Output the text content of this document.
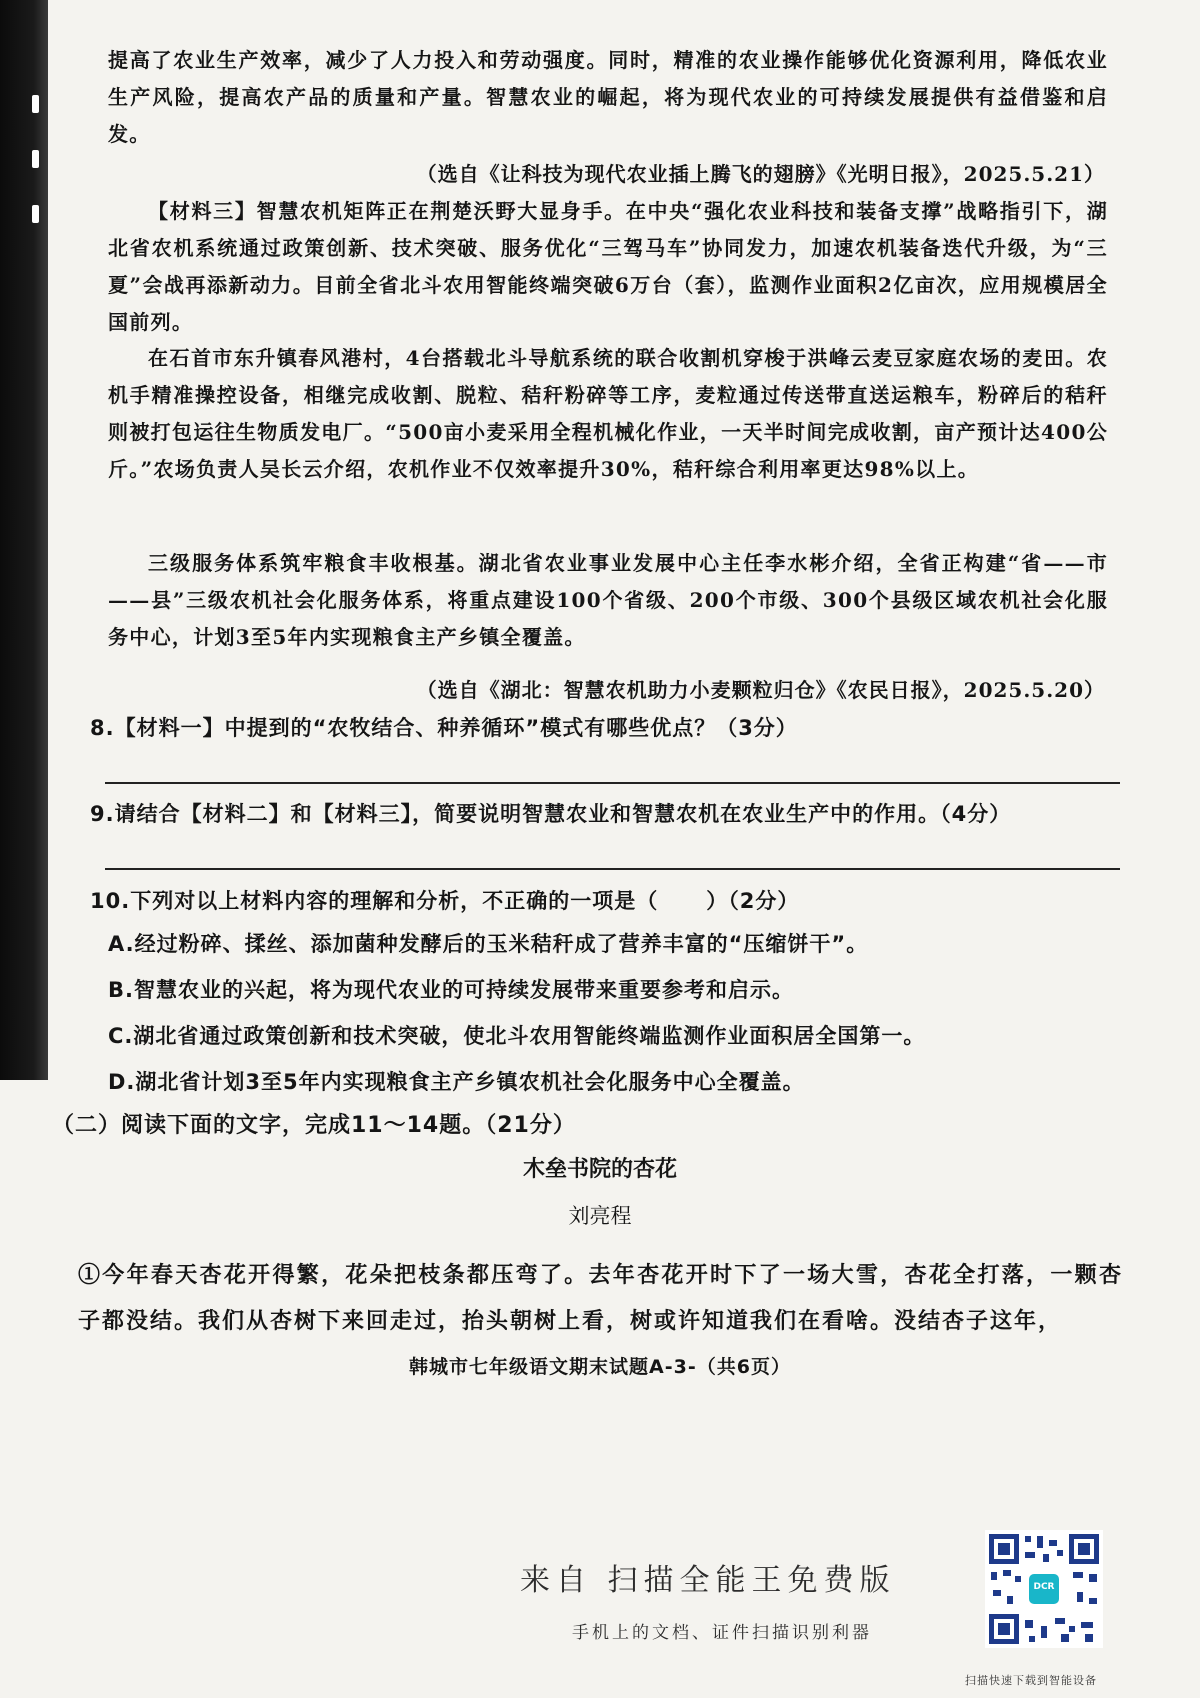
提高了农业生产效率，减少了人力投入和劳动强度。同时，精准的农业操作能够优化资源利用，降低农业生产风险，提高农产品的质量和产量。智慧农业的崛起，将为现代农业的可持续发展提供有益借鉴和启发。

（选自《让科技为现代农业插上腾飞的翅膀》《光明日报》，2025.5.21）

【材料三】智慧农机矩阵正在荆楚沃野大显身手。在中央“强化农业科技和装备支撑”战略指引下，湖北省农机系统通过政策创新、技术突破、服务优化“三驾马车”协同发力，加速农机装备迭代升级，为“三夏”会战再添新动力。目前全省北斗农用智能终端突破6万台（套），监测作业面积2亿亩次，应用规模居全国前列。

在石首市东升镇春风港村，4台搭载北斗导航系统的联合收割机穿梭于洪峰云麦豆家庭农场的麦田。农机手精准操控设备，相继完成收割、脱粒、秸秆粉碎等工序，麦粒通过传送带直送运粮车，粉碎后的秸秆则被打包运往生物质发电厂。“500亩小麦采用全程机械化作业，一天半时间完成收割，亩产预计达400公斤。”农场负责人吴长云介绍，农机作业不仅效率提升30%，秸秆综合利用率更达98%以上。

三级服务体系筑牢粮食丰收根基。湖北省农业事业发展中心主任李水彬介绍，全省正构建“省——市——县”三级农机社会化服务体系，将重点建设100个省级、200个市级、300个县级区域农机社会化服务中心，计划3至5年内实现粮食主产乡镇全覆盖。

（选自《湖北：智慧农机助力小麦颗粒归仓》《农民日报》，2025.5.20）

8.【材料一】中提到的“农牧结合、种养循环”模式有哪些优点？（3分）

9.请结合【材料二】和【材料三】，简要说明智慧农业和智慧农机在农业生产中的作用。（4分）

10.下列对以上材料内容的理解和分析，不正确的一项是（ ）（2分）

A.经过粉碎、揉丝、添加菌种发酵后的玉米秸秆成了营养丰富的“压缩饼干”。

B.智慧农业的兴起，将为现代农业的可持续发展带来重要参考和启示。

C.湖北省通过政策创新和技术突破，使北斗农用智能终端监测作业面积居全国第一。

D.湖北省计划3至5年内实现粮食主产乡镇农机社会化服务中心全覆盖。

（二）阅读下面的文字，完成11～14题。（21分）

木垒书院的杏花

刘亮程

①今年春天杏花开得繁，花朵把枝条都压弯了。去年杏花开时下了一场大雪，杏花全打落，一颗杏子都没结。我们从杏树下来回走过，抬头朝树上看，树或许知道我们在看啥。没结杏子这年，

韩城市七年级语文期末试题A-3-（共6页）

来自 扫描全能王免费版

手机上的文档、证件扫描识别利器

DCR

扫描快速下载到智能设备
